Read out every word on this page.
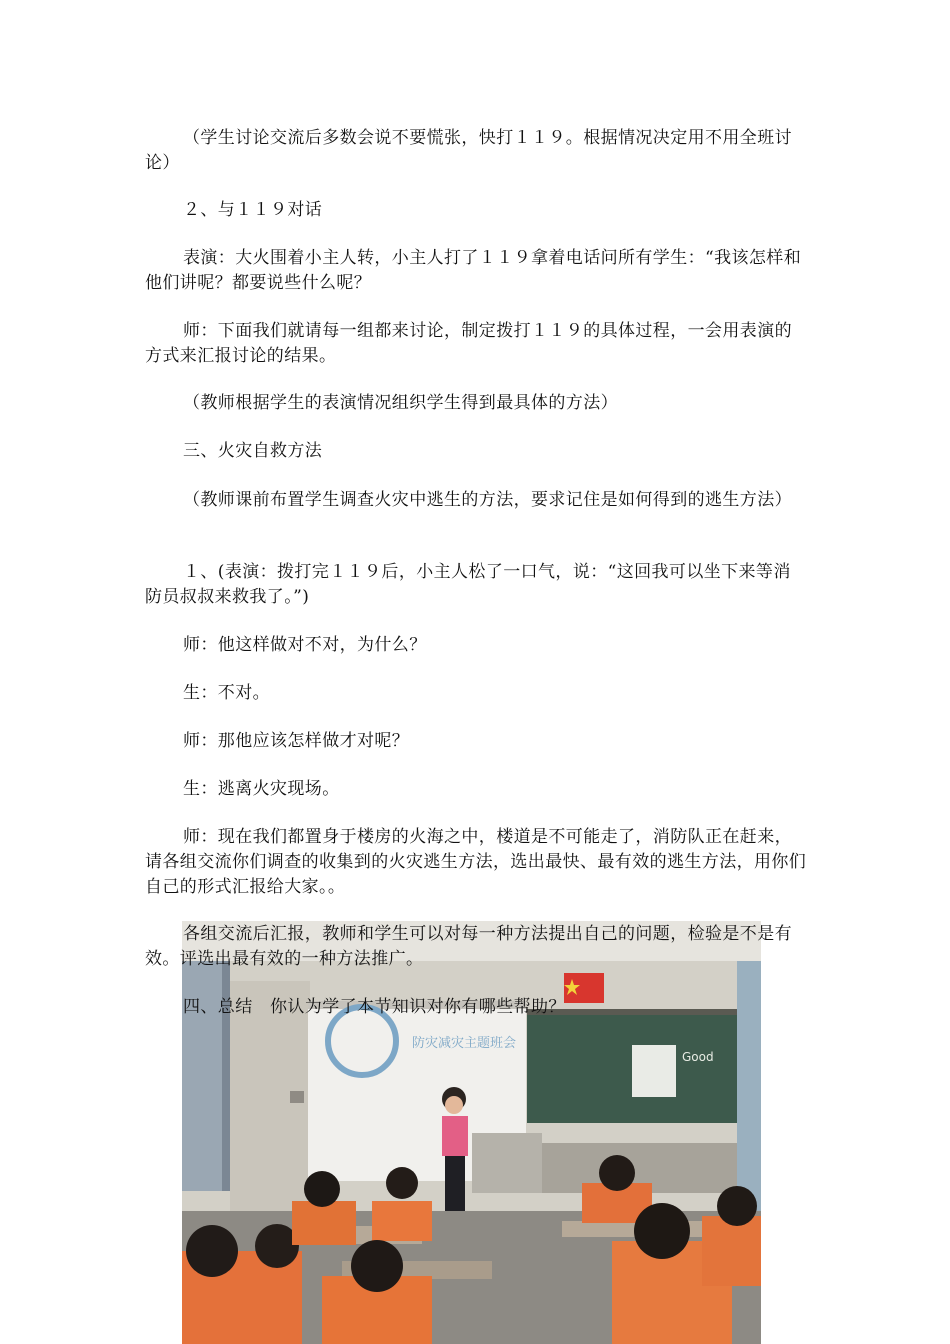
（学生讨论交流后多数会说不要慌张，快打１１９。根据情况决定用不用全班讨论）

２、与１１９对话

表演：大火围着小主人转，小主人打了１１９拿着电话问所有学生：“我该怎样和他们讲呢？都要说些什么呢？

师：下面我们就请每一组都来讨论，制定拨打１１９的具体过程，一会用表演的方式来汇报讨论的结果。

（教师根据学生的表演情况组织学生得到最具体的方法）

三、火灾自救方法

（教师课前布置学生调查火灾中逃生的方法，要求记住是如何得到的逃生方法）

１、(表演：拨打完１１９后，小主人松了一口气，说：“这回我可以坐下来等消防员叔叔来救我了。”)

师：他这样做对不对，为什么？

生：不对。

师：那他应该怎样做才对呢？

生：逃离火灾现场。

师：现在我们都置身于楼房的火海之中，楼道是不可能走了，消防队正在赶来，请各组交流你们调查的收集到的火灾逃生方法，选出最快、最有效的逃生方法，用你们自己的形式汇报给大家。。

各组交流后汇报，教师和学生可以对每一种方法提出自己的问题，检验是不是有效。评选出最有效的一种方法推广。

四、总结　你认为学了本节知识对你有哪些帮助？

防灾减灾主题班会
Good
